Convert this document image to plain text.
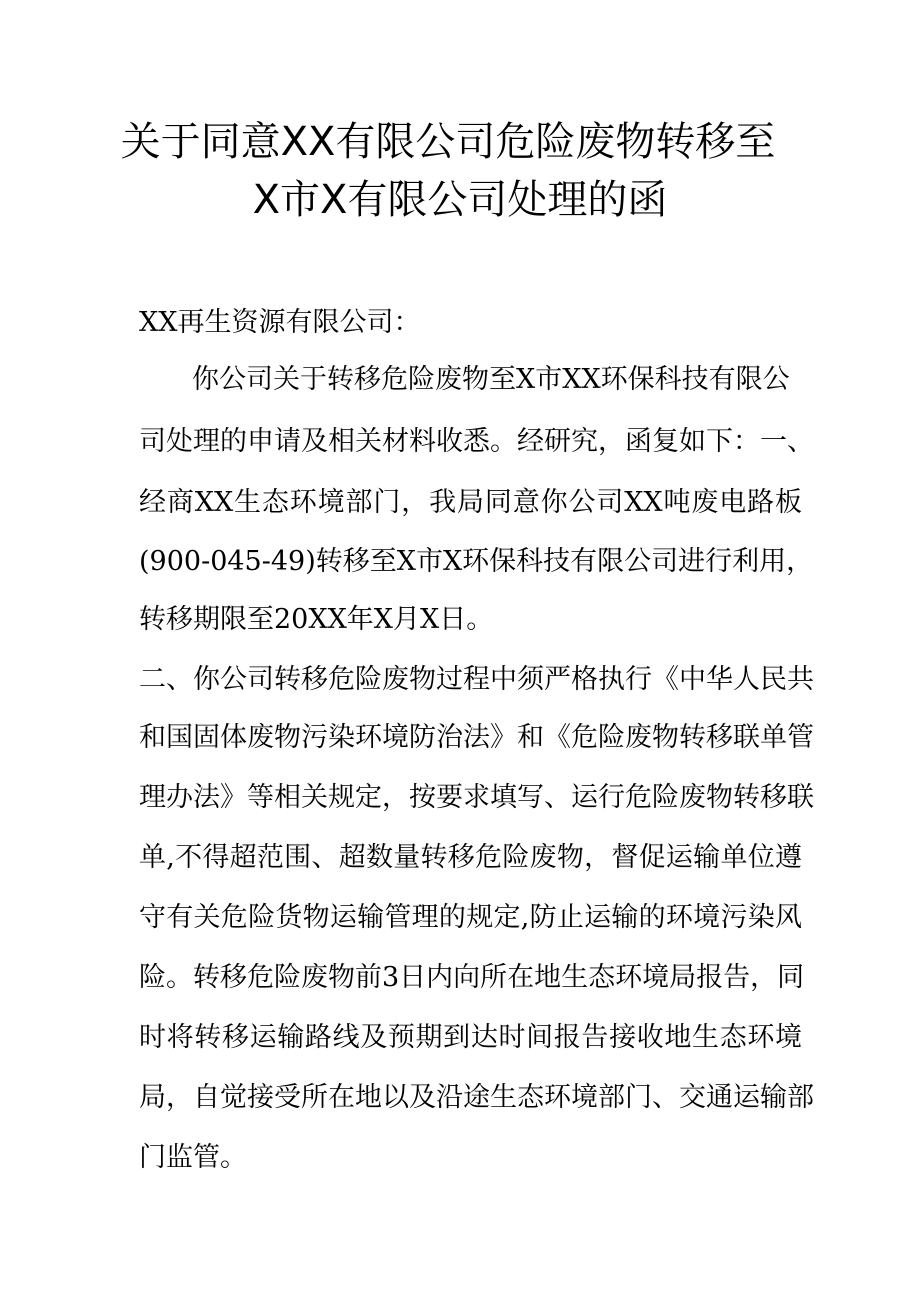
关于同意XX有限公司危险废物转移至
X市X有限公司处理的函

XX再生资源有限公司：

你公司关于转移危险废物至X市XX环保科技有限公

司处理的申请及相关材料收悉。经研究，函复如下：一、

经商XX生态环境部门，我局同意你公司XX吨废电路板

(900-045-49)转移至X市X环保科技有限公司进行利用，

转移期限至20XX年X月X日。

二、你公司转移危险废物过程中须严格执行《中华人民共

和国固体废物污染环境防治法》和《危险废物转移联单管

理办法》等相关规定，按要求填写、运行危险废物转移联

单,不得超范围、超数量转移危险废物，督促运输单位遵

守有关危险货物运输管理的规定,防止运输的环境污染风

险。转移危险废物前3日内向所在地生态环境局报告，同

时将转移运输路线及预期到达时间报告接收地生态环境

局，自觉接受所在地以及沿途生态环境部门、交通运输部

门监管。
